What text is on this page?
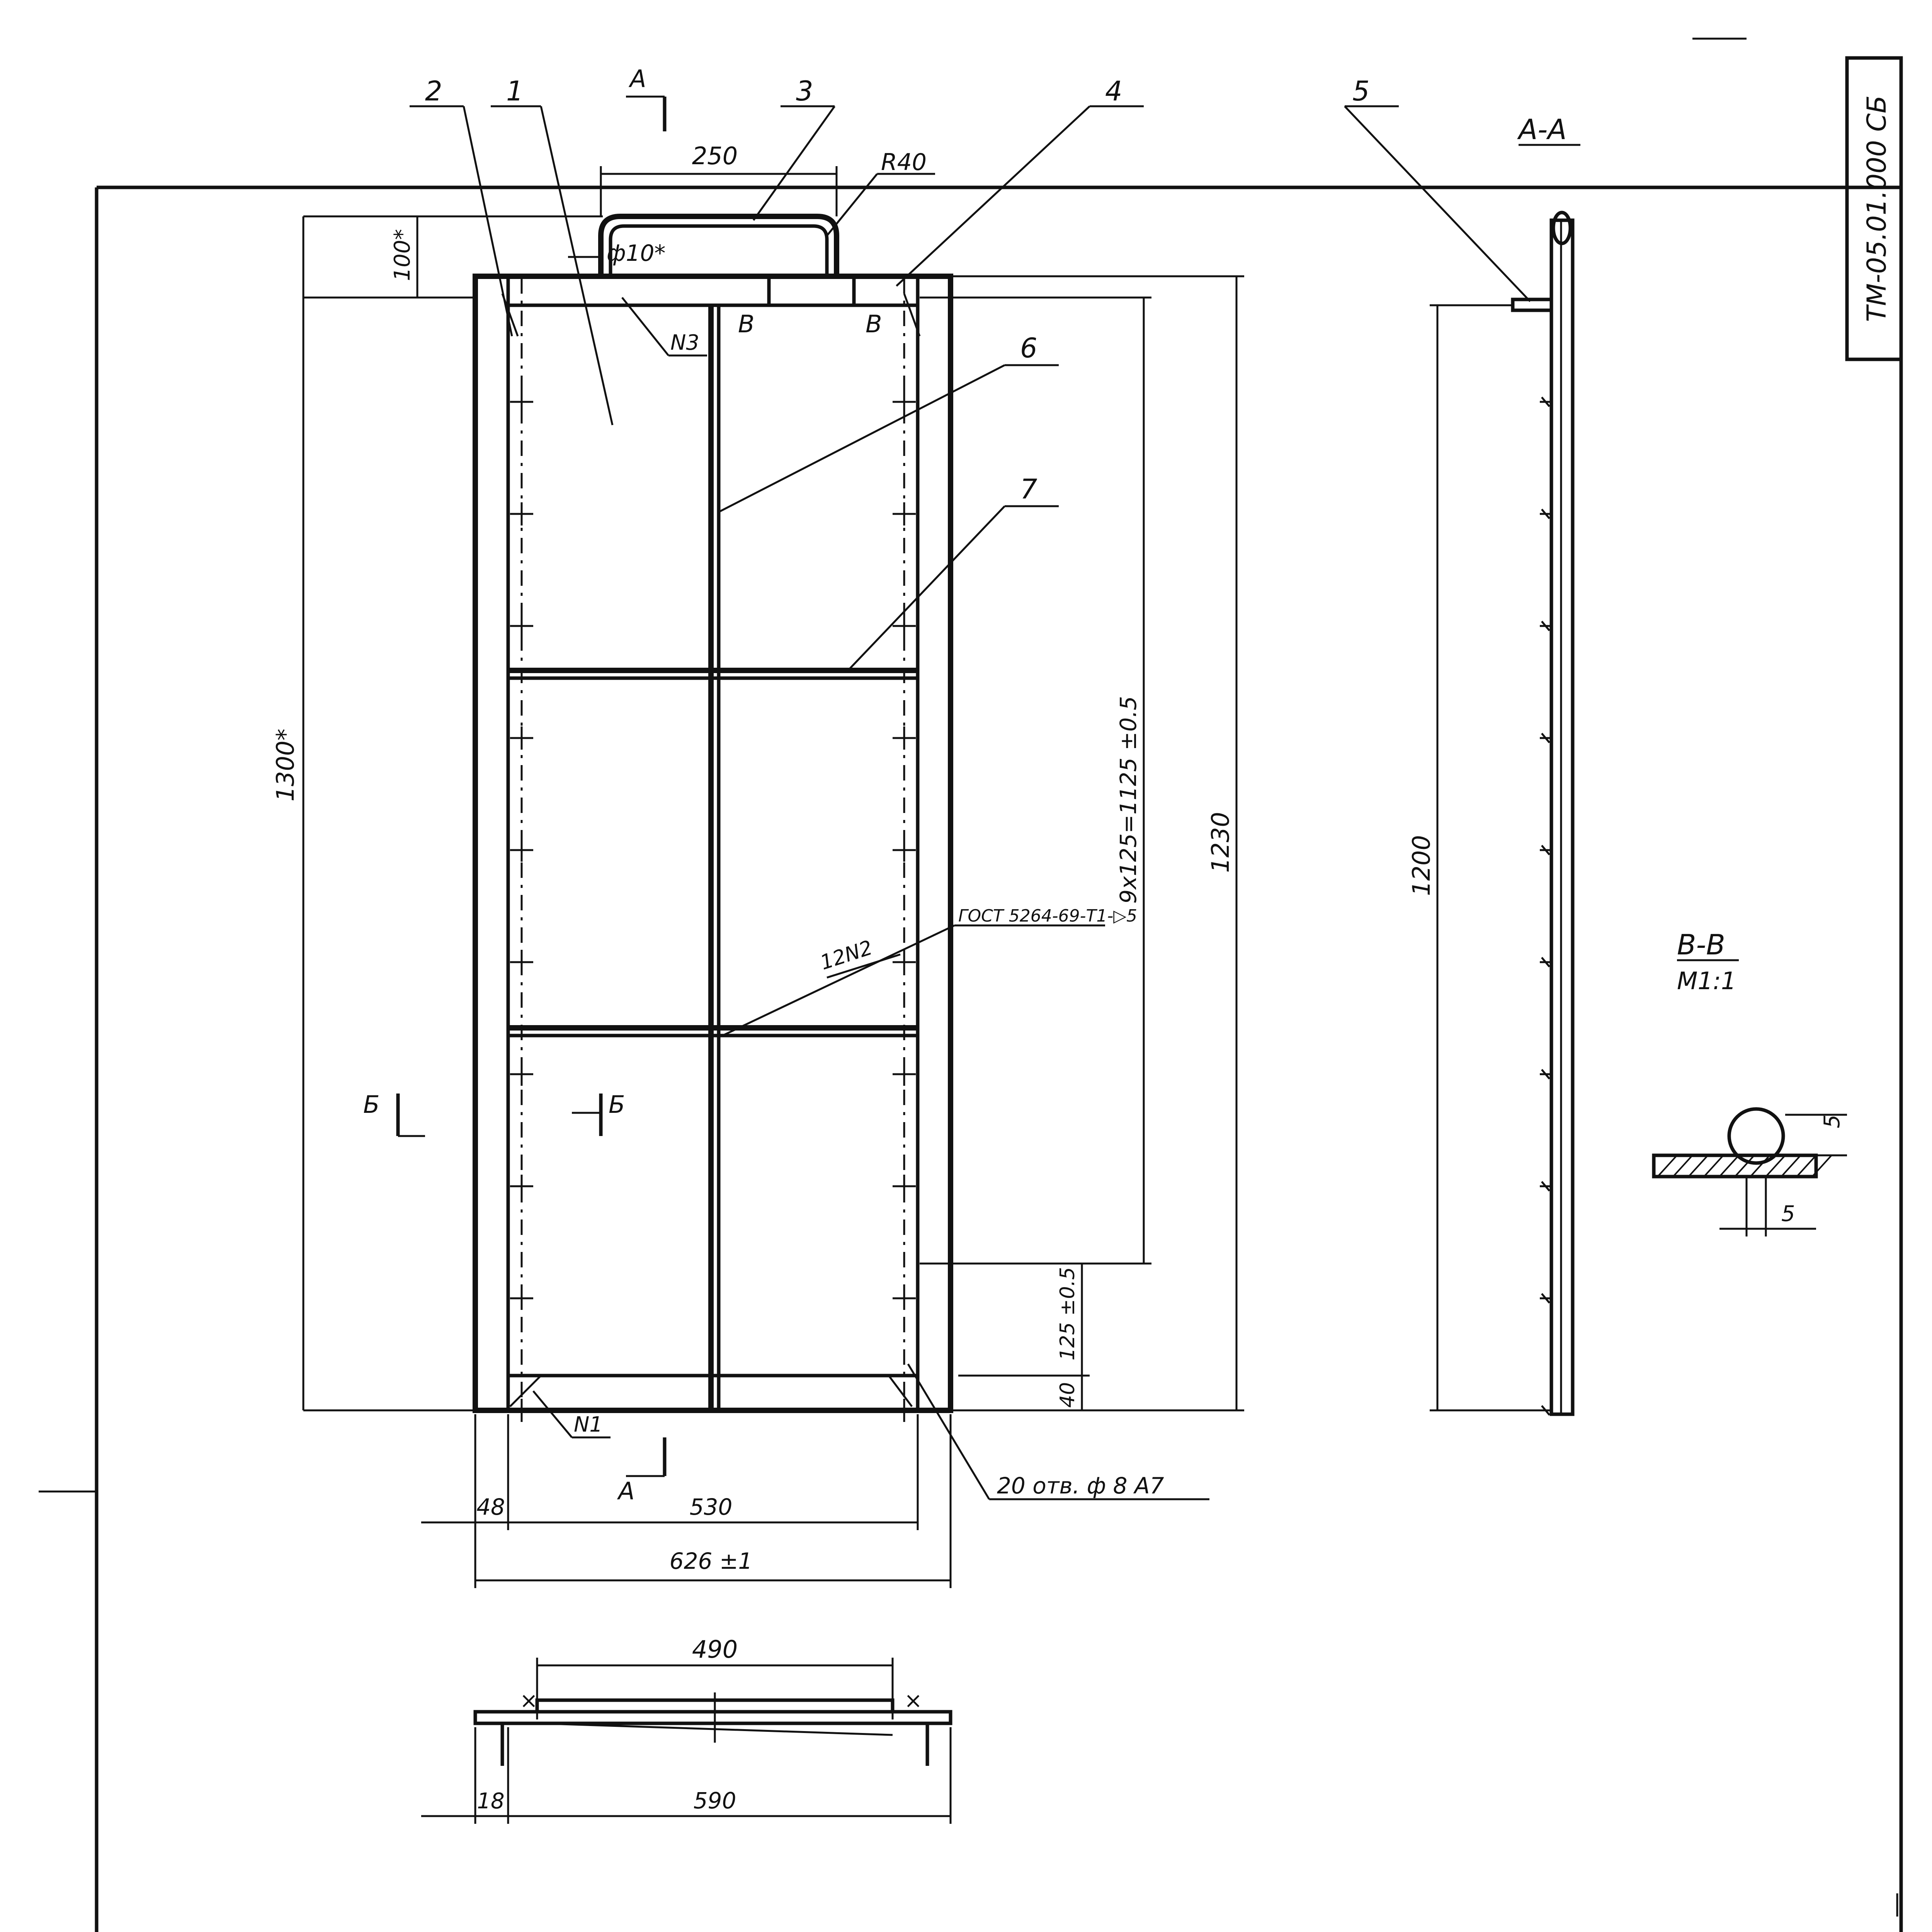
ТМ-05.01.000 СБ
250	R40
ф10*
100*
1300*
1230
9x125=1125 ±0.5
125 ±0.5
40
48	530
626 ±1
20 отв. ф 8 А7
ГОСТ 5264-69-Т1-▷5
12N2
N3
N1
2 1	3	4
6
7
5
А
А
Б	Б
В	В
А-А
1200
В-В
М1:1
5
5
490
×	×
18	590
